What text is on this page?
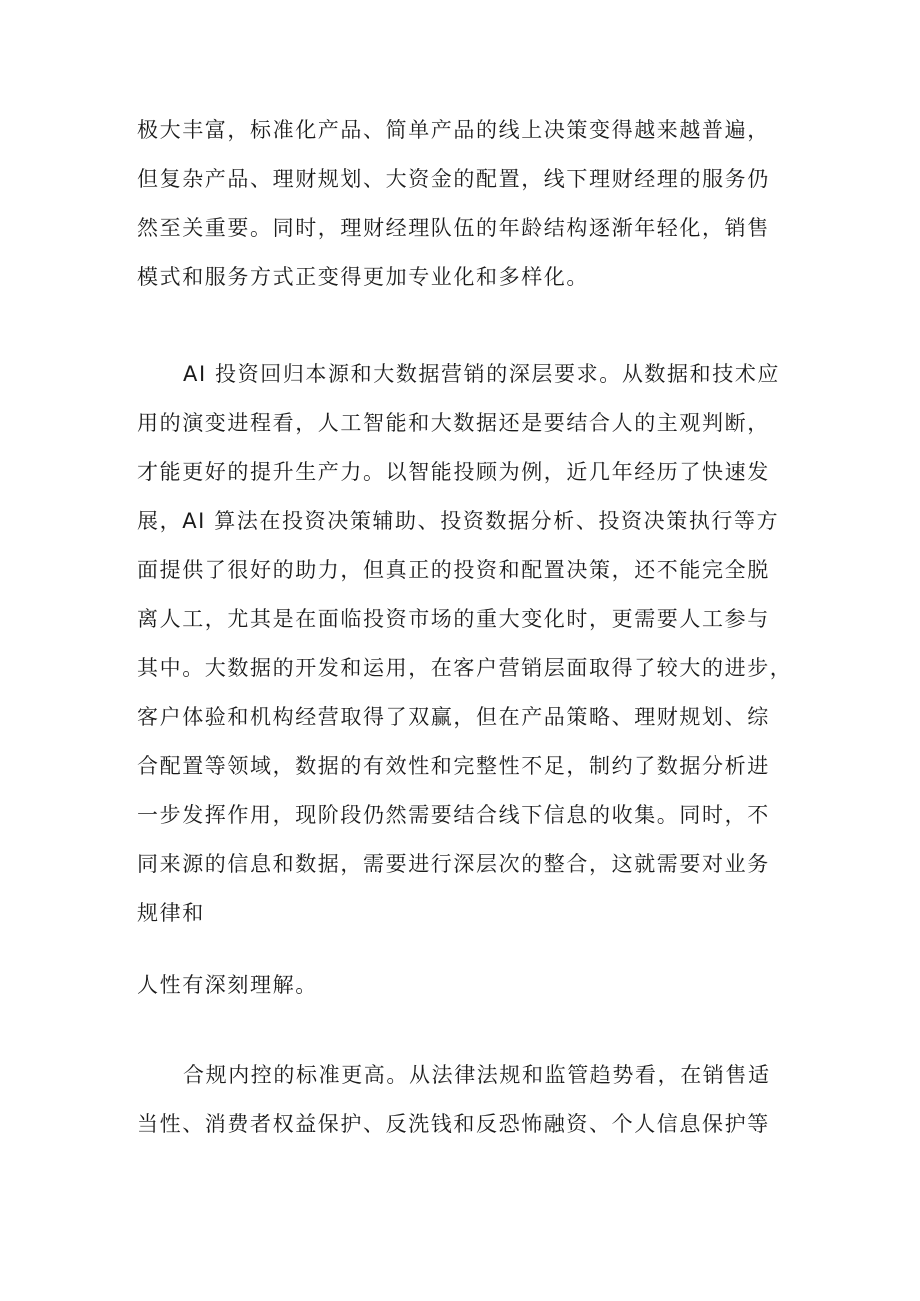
极大丰富，标准化产品、简单产品的线上决策变得越来越普遍，
但复杂产品、理财规划、大资金的配置，线下理财经理的服务仍
然至关重要。同时，理财经理队伍的年龄结构逐渐年轻化，销售
模式和服务方式正变得更加专业化和多样化。
AI 投资回归本源和大数据营销的深层要求。从数据和技术应
用的演变进程看，人工智能和大数据还是要结合人的主观判断，
才能更好的提升生产力。以智能投顾为例，近几年经历了快速发
展，AI 算法在投资决策辅助、投资数据分析、投资决策执行等方
面提供了很好的助力，但真正的投资和配置决策，还不能完全脱
离人工，尤其是在面临投资市场的重大变化时，更需要人工参与
其中。大数据的开发和运用，在客户营销层面取得了较大的进步，
客户体验和机构经营取得了双赢，但在产品策略、理财规划、综
合配置等领域，数据的有效性和完整性不足，制约了数据分析进
一步发挥作用，现阶段仍然需要结合线下信息的收集。同时，不
同来源的信息和数据，需要进行深层次的整合，这就需要对业务
规律和
人性有深刻理解。
合规内控的标准更高。从法律法规和监管趋势看，在销售适
当性、消费者权益保护、反洗钱和反恐怖融资、个人信息保护等
